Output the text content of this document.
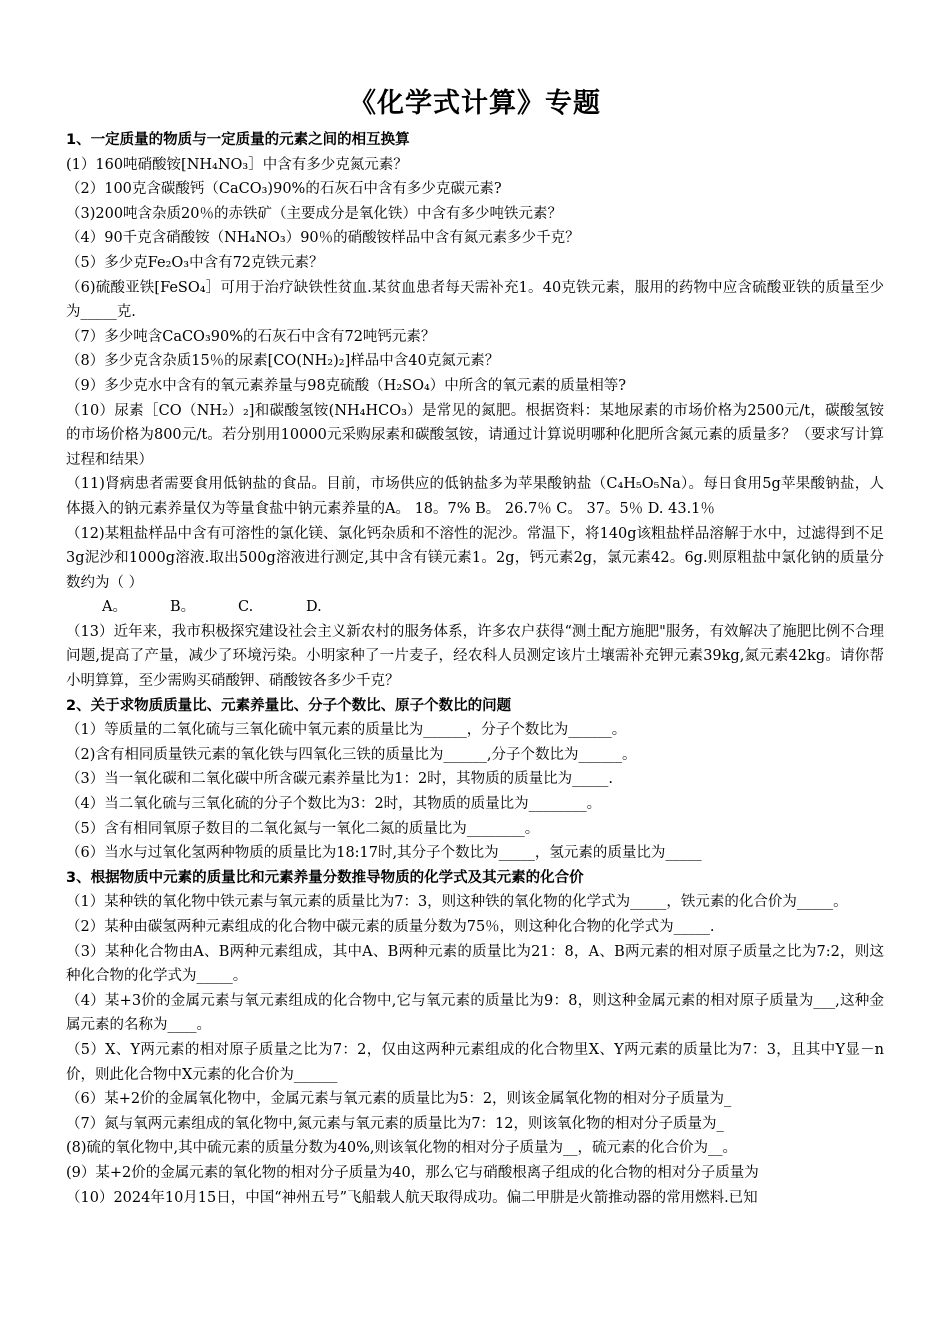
《化学式计算》专题
1、一定质量的物质与一定质量的元素之间的相互换算
(1）160吨硝酸铵[NH₄NO₃］中含有多少克氮元素？
（2）100克含碳酸钙（CaCO₃)90%的石灰石中含有多少克碳元素?
（3)200吨含杂质20％的赤铁矿（主要成分是氧化铁）中含有多少吨铁元素？
（4）90千克含硝酸铵（NH₄NO₃）90％的硝酸铵样品中含有氮元素多少千克？
（5）多少克Fe₂O₃中含有72克铁元素？
（6)硫酸亚铁[FeSO₄］可用于治疗缺铁性贫血.某贫血患者每天需补充1。40克铁元素，服用的药物中应含硫酸亚铁的质量至少为_____克.
（7）多少吨含CaCO₃90%的石灰石中含有72吨钙元素？
（8）多少克含杂质15％的尿素[CO(NH₂)₂]样品中含40克氮元素？
（9）多少克水中含有的氧元素养量与98克硫酸（H₂SO₄）中所含的氧元素的质量相等?
（10）尿素［CO（NH₂）₂]和碳酸氢铵(NH₄HCO₃）是常见的氮肥。根据资料：某地尿素的市场价格为2500元/t，碳酸氢铵的市场价格为800元/t。若分别用10000元采购尿素和碳酸氢铵，请通过计算说明哪种化肥所含氮元素的质量多？（要求写计算过程和结果）
（11)肾病患者需要食用低钠盐的食品。目前，市场供应的低钠盐多为苹果酸钠盐（C₄H₅O₅Na）。每日食用5g苹果酸钠盐，人体摄入的钠元素养量仅为等量食盐中钠元素养量的A。 18。7% B。 26.7％ C。 37。5％ D. 43.1％
（12)某粗盐样品中含有可溶性的氯化镁、氯化钙杂质和不溶性的泥沙。常温下，将140g该粗盐样品溶解于水中，过滤得到不足3g泥沙和1000g溶液.取出500g溶液进行测定,其中含有镁元素1。2g，钙元素2g，氯元素42。6g.则原粗盐中氯化钠的质量分数约为（ ）
A。	B。	C.	D.
（13）近年来，我市积极探究建设社会主义新农村的服务体系，许多农户获得“测土配方施肥"服务，有效解决了施肥比例不合理问题,提高了产量，减少了环境污染。小明家种了一片麦子，经农科人员测定该片土壤需补充钾元素39kg,氮元素42kg。请你帮小明算算，至少需购买硝酸钾、硝酸铵各多少千克？
2、关于求物质质量比、元素养量比、分子个数比、原子个数比的问题
（1）等质量的二氧化硫与三氧化硫中氧元素的质量比为______，分子个数比为______。
（2)含有相同质量铁元素的氧化铁与四氧化三铁的质量比为______,分子个数比为______。
（3）当一氧化碳和二氧化碳中所含碳元素养量比为1：2时，其物质的质量比为_____.
（4）当二氧化硫与三氧化硫的分子个数比为3：2时，其物质的质量比为________。
（5）含有相同氧原子数目的二氧化氮与一氧化二氮的质量比为________。
（6）当水与过氧化氢两种物质的质量比为18:17时,其分子个数比为_____，氢元素的质量比为_____
3、根据物质中元素的质量比和元素养量分数推导物质的化学式及其元素的化合价
（1）某种铁的氧化物中铁元素与氧元素的质量比为7：3，则这种铁的氧化物的化学式为_____，铁元素的化合价为_____。
（2）某种由碳氢两种元素组成的化合物中碳元素的质量分数为75％，则这种化合物的化学式为_____.
（3）某种化合物由A、B两种元素组成，其中A、B两种元素的质量比为21：8，A、B两元素的相对原子质量之比为7:2，则这种化合物的化学式为_____。
（4）某+3价的金属元素与氧元素组成的化合物中,它与氧元素的质量比为9：8，则这种金属元素的相对原子质量为___,这种金属元素的名称为____。
（5）X、Y两元素的相对原子质量之比为7：2，仅由这两种元素组成的化合物里X、Y两元素的质量比为7：3，且其中Y显－n价，则此化合物中X元素的化合价为______
（6）某+2价的金属氧化物中，金属元素与氧元素的质量比为5：2，则该金属氧化物的相对分子质量为_
（7）氮与氧两元素组成的氧化物中,氮元素与氧元素的质量比为7：12，则该氧化物的相对分子质量为_
(8)硫的氧化物中,其中硫元素的质量分数为40%,则该氧化物的相对分子质量为__，硫元素的化合价为__。
(9）某+2价的金属元素的氧化物的相对分子质量为40，那么它与硝酸根离子组成的化合物的相对分子质量为
（10）2024年10月15日，中国“神州五号”飞船载人航天取得成功。偏二甲肼是火箭推动器的常用燃料.已知
